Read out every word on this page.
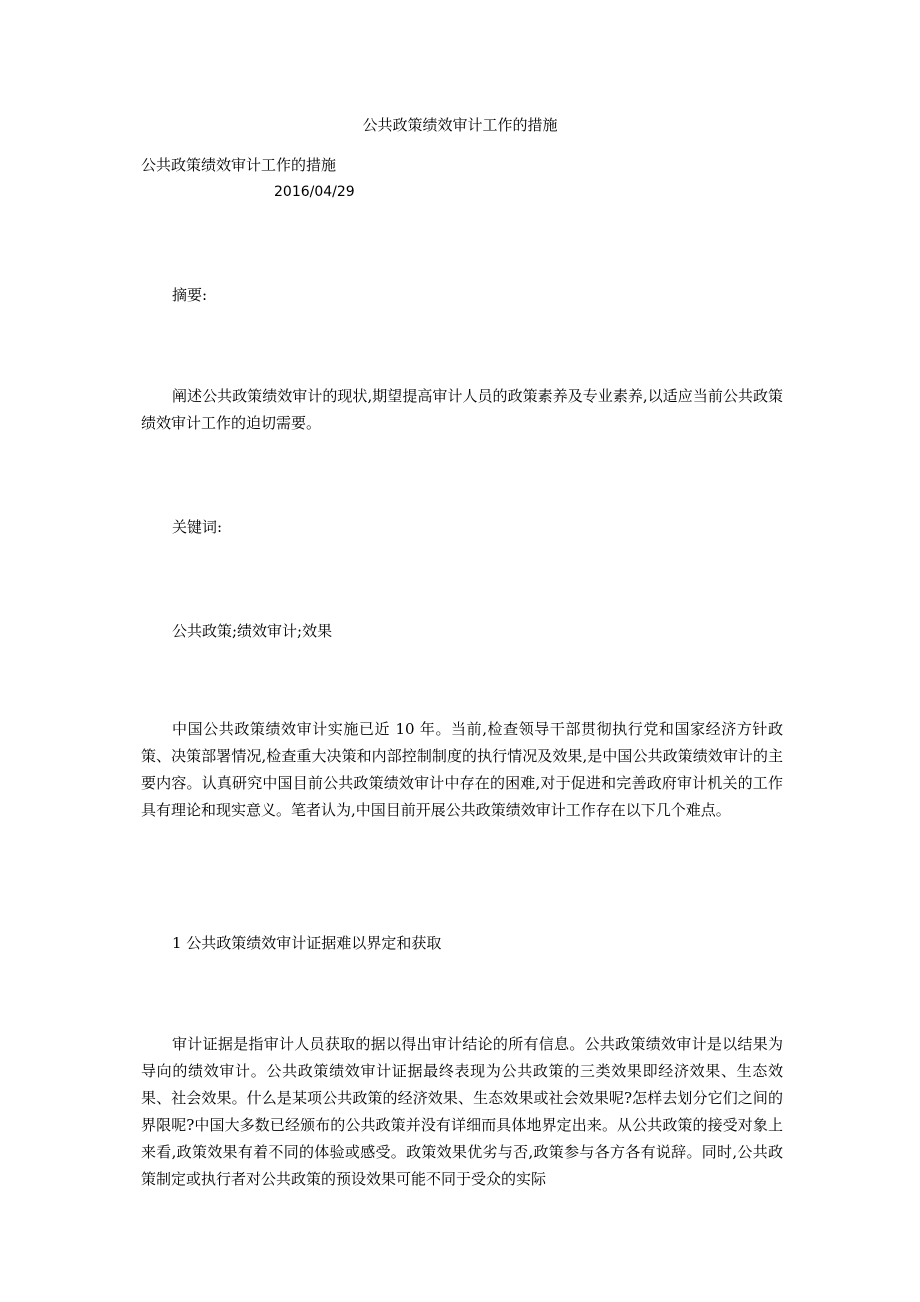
公共政策绩效审计工作的措施
公共政策绩效审计工作的措施
2016/04/29

摘要:

阐述公共政策绩效审计的现状,期望提高审计人员的政策素养及专业素养,以适应当前公共政策绩效审计工作的迫切需要。

关键词:

公共政策;绩效审计;效果

中国公共政策绩效审计实施已近 10 年。当前,检查领导干部贯彻执行党和国家经济方针政策、决策部署情况,检查重大决策和内部控制制度的执行情况及效果,是中国公共政策绩效审计的主要内容。认真研究中国目前公共政策绩效审计中存在的困难,对于促进和完善政府审计机关的工作具有理论和现实意义。笔者认为,中国目前开展公共政策绩效审计工作存在以下几个难点。

1 公共政策绩效审计证据难以界定和获取

审计证据是指审计人员获取的据以得出审计结论的所有信息。公共政策绩效审计是以结果为导向的绩效审计。公共政策绩效审计证据最终表现为公共政策的三类效果即经济效果、生态效果、社会效果。什么是某项公共政策的经济效果、生态效果或社会效果呢?怎样去划分它们之间的界限呢?中国大多数已经颁布的公共政策并没有详细而具体地界定出来。从公共政策的接受对象上来看,政策效果有着不同的体验或感受。政策效果优劣与否,政策参与各方各有说辞。同时,公共政策制定或执行者对公共政策的预设效果可能不同于受众的实际
